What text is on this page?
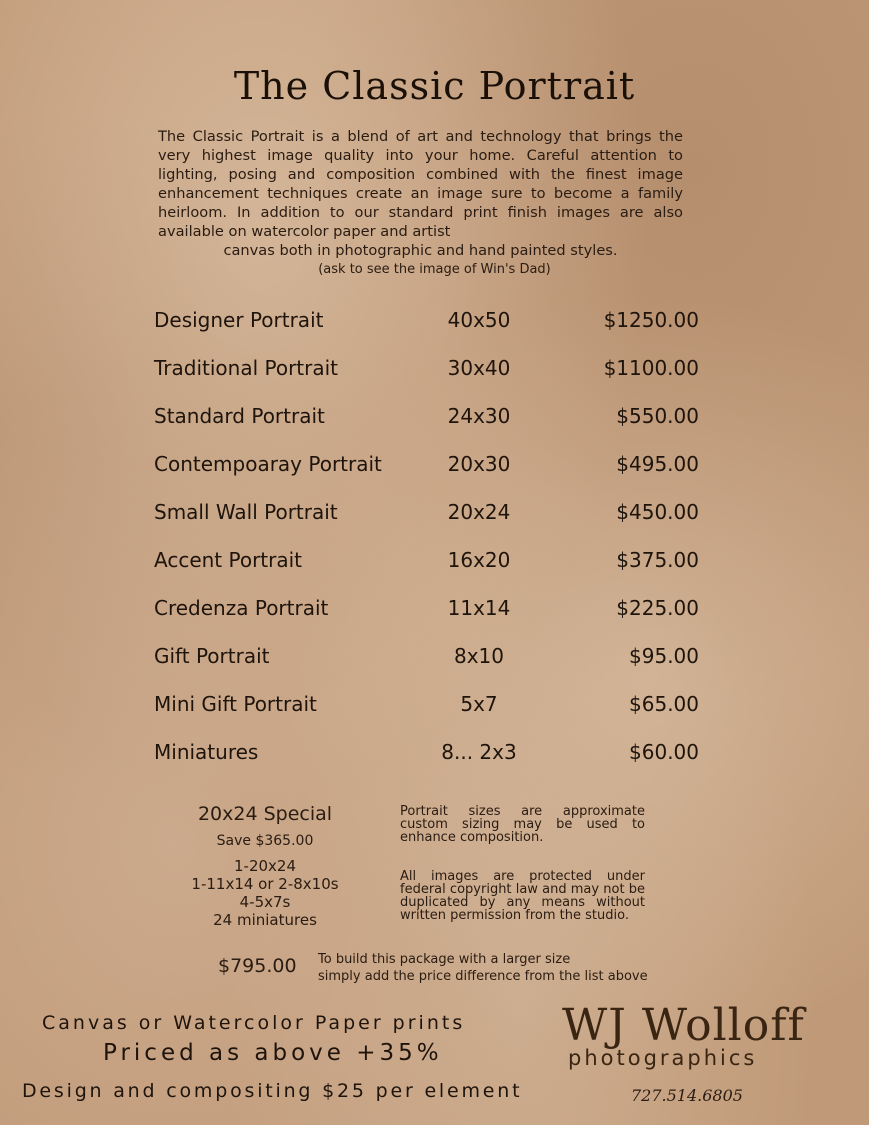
The Classic Portrait
The Classic Portrait is a blend of art and technology that brings the very highest image quality into your home. Careful attention to lighting, posing and composition combined with the finest image enhancement techniques create an image sure to become a family heirloom. In addition to our standard print finish images are also available on watercolor paper and artist
canvas both in photographic and hand painted styles.
(ask to see the image of Win's Dad)
Designer Portrait	40x50	$1250.00
Traditional Portrait	30x40	$1100.00
Standard Portrait	24x30	$550.00
Contempoaray Portrait	20x30	$495.00
Small Wall Portrait	20x24	$450.00
Accent Portrait	16x20	$375.00
Credenza Portrait	11x14	$225.00
Gift Portrait	8x10	$95.00
Mini Gift Portrait	5x7	$65.00
Miniatures	8... 2x3	$60.00
20x24 Special
Save $365.00
1-20x24
1-11x14 or 2-8x10s
4-5x7s
24 miniatures
Portrait sizes are approximate custom sizing may be used to enhance composition.
All images are protected under federal copyright law and may not be duplicated by any means without written permission from the studio.
$795.00 To build this package with a larger size
simply add the price difference from the list above
Canvas or Watercolor Paper prints
Priced as above +35%
Design and compositing $25 per element
WJ Wolloff
photographics
727.514.6805
